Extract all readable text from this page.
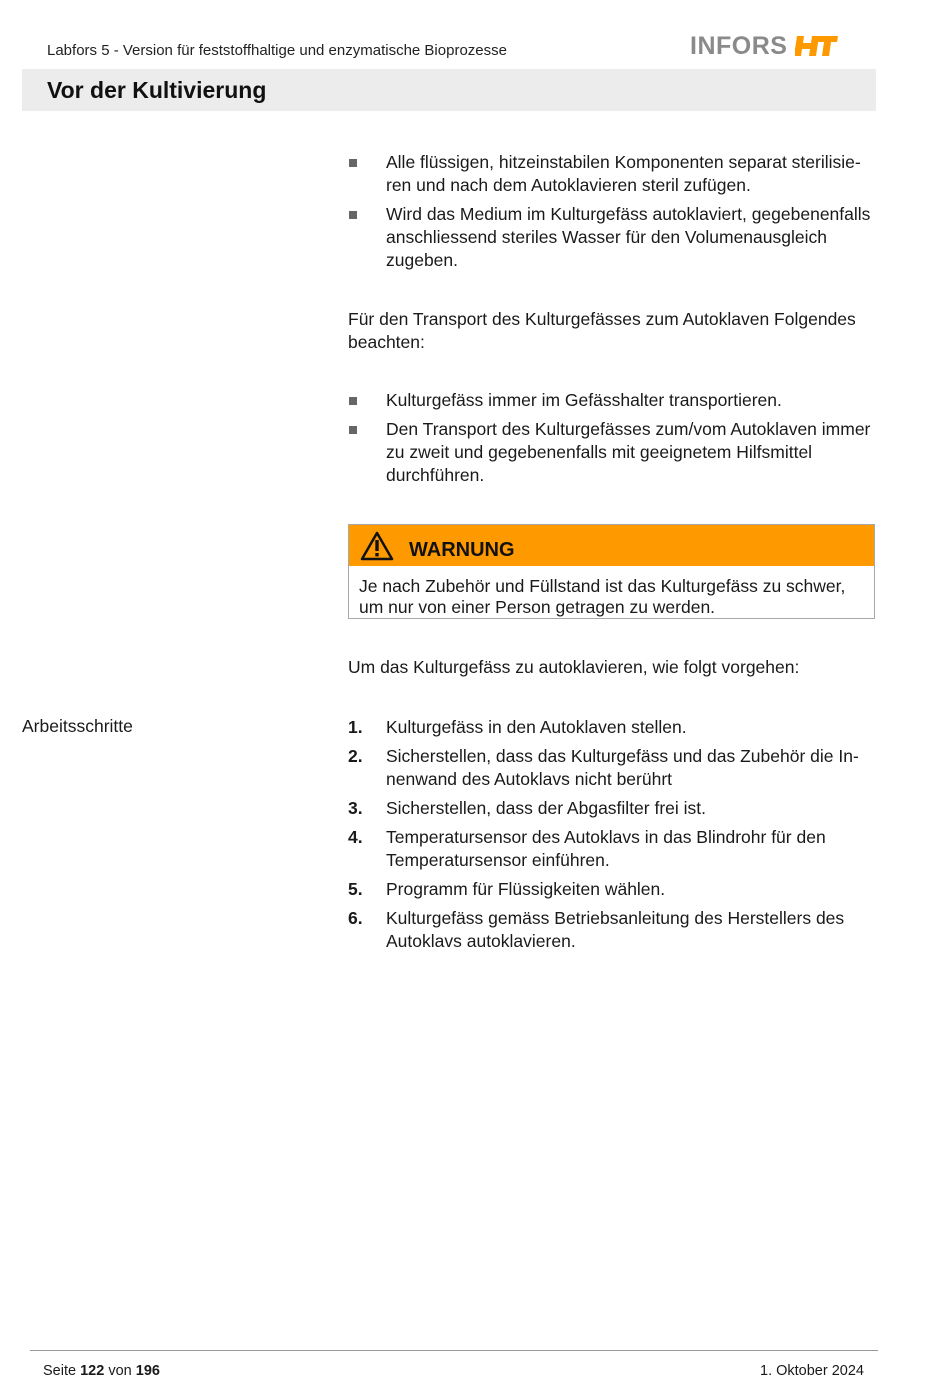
Labfors 5 - Version für feststoffhaltige und enzymatische Bioprozesse	INFORS
Vor der Kultivierung
Alle flüssigen, hitzeinstabilen Komponenten separat sterilisieren und nach dem Autoklavieren steril zufügen.
Wird das Medium im Kulturgefäss autoklaviert, gegebenenfalls anschliessend steriles Wasser für den Volumenausgleich zugeben.

Für den Transport des Kulturgefässes zum Autoklaven Folgendes beachten:

Kulturgefäss immer im Gefässhalter transportieren.
Den Transport des Kulturgefässes zum/vom Autoklaven immer zu zweit und gegebenenfalls mit geeignetem Hilfsmittel durchführen.
WARNUNG
Je nach Zubehör und Füllstand ist das Kulturgefäss zu schwer, um nur von einer Person getragen zu werden.

Um das Kulturgefäss zu autoklavieren, wie folgt vorgehen:

Arbeitsschritte	1. Kulturgefäss in den Autoklaven stellen.
2. Sicherstellen, dass das Kulturgefäss und das Zubehör die Innenwand des Autoklavs nicht berührt
3. Sicherstellen, dass der Abgasfilter frei ist.
4. Temperatursensor des Autoklavs in das Blindrohr für den Temperatursensor einführen.
5. Programm für Flüssigkeiten wählen.
6. Kulturgefäss gemäss Betriebsanleitung des Herstellers des Autoklavs autoklavieren.
Seite 122 von 196	1. Oktober 2024
